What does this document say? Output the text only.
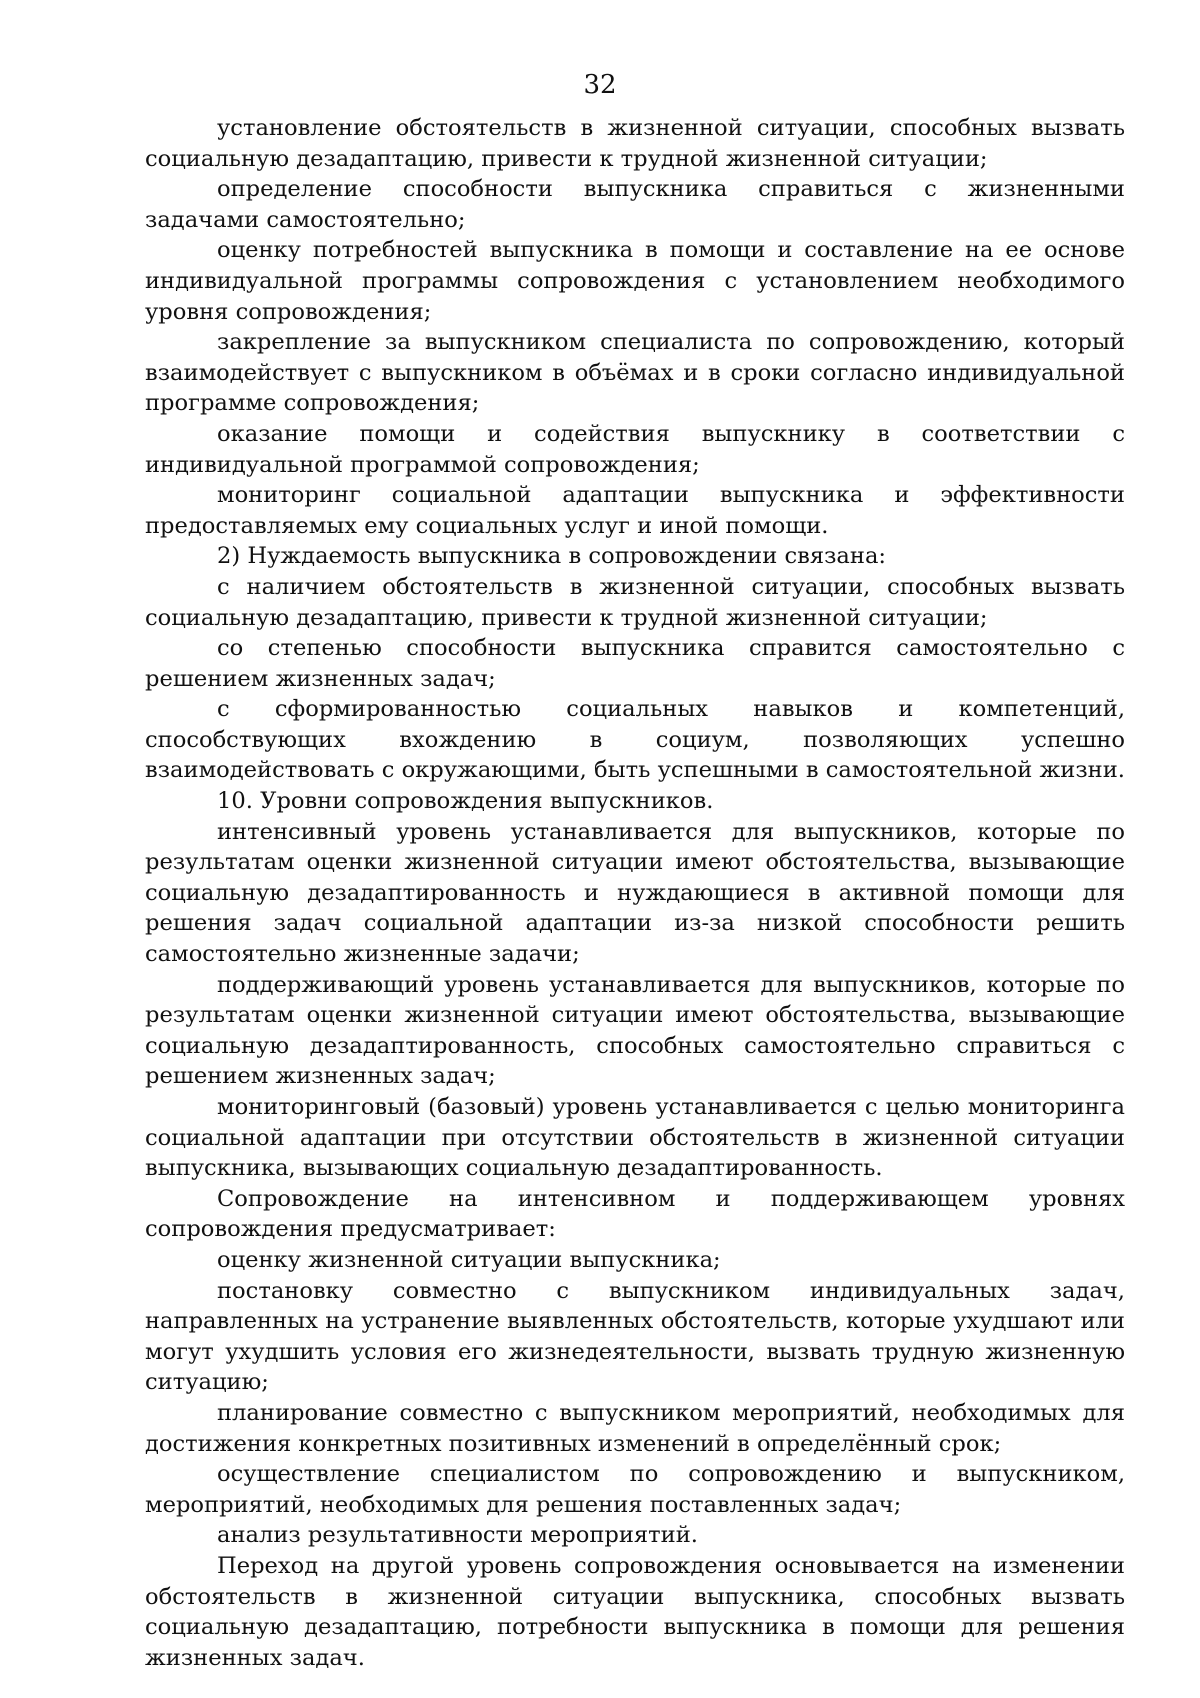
32

установление обстоятельств в жизненной ситуации, способных вызвать социальную дезадаптацию, привести к трудной жизненной ситуации;

определение способности выпускника справиться с жизненными задачами самостоятельно;

оценку потребностей выпускника в помощи и составление на ее основе индивидуальной программы сопровождения с установлением необходимого уровня сопровождения;

закрепление за выпускником специалиста по сопровождению, который взаимодействует с выпускником в объёмах и в сроки согласно индивидуальной программе сопровождения;

оказание помощи и содействия выпускнику в соответствии с индивидуальной программой сопровождения;

мониторинг социальной адаптации выпускника и эффективности предоставляемых ему социальных услуг и иной помощи.

2) Нуждаемость выпускника в сопровождении связана:

с наличием обстоятельств в жизненной ситуации, способных вызвать социальную дезадаптацию, привести к трудной жизненной ситуации;

со степенью способности выпускника справится самостоятельно с решением жизненных задач;

с сформированностью социальных навыков и компетенций, способствующих вхождению в социум, позволяющих успешно взаимодействовать с окружающими, быть успешными в самостоятельной жизни.

10. Уровни сопровождения выпускников.

интенсивный уровень устанавливается для выпускников, которые по результатам оценки жизненной ситуации имеют обстоятельства, вызывающие социальную дезадаптированность и нуждающиеся в активной помощи для решения задач социальной адаптации из-за низкой способности решить самостоятельно жизненные задачи;

поддерживающий уровень устанавливается для выпускников, которые по результатам оценки жизненной ситуации имеют обстоятельства, вызывающие социальную дезадаптированность, способных самостоятельно справиться с решением жизненных задач;

мониторинговый (базовый) уровень устанавливается с целью мониторинга социальной адаптации при отсутствии обстоятельств в жизненной ситуации выпускника, вызывающих социальную дезадаптированность.

Сопровождение на интенсивном и поддерживающем уровнях сопровождения предусматривает:

оценку жизненной ситуации выпускника;

постановку совместно с выпускником индивидуальных задач, направленных на устранение выявленных обстоятельств, которые ухудшают или могут ухудшить условия его жизнедеятельности, вызвать трудную жизненную ситуацию;

планирование совместно с выпускником мероприятий, необходимых для достижения конкретных позитивных изменений в определённый срок;

осуществление специалистом по сопровождению и выпускником, мероприятий, необходимых для решения поставленных задач;

анализ результативности мероприятий.

Переход на другой уровень сопровождения основывается на изменении обстоятельств в жизненной ситуации выпускника, способных вызвать социальную дезадаптацию, потребности выпускника в помощи для решения жизненных задач.
